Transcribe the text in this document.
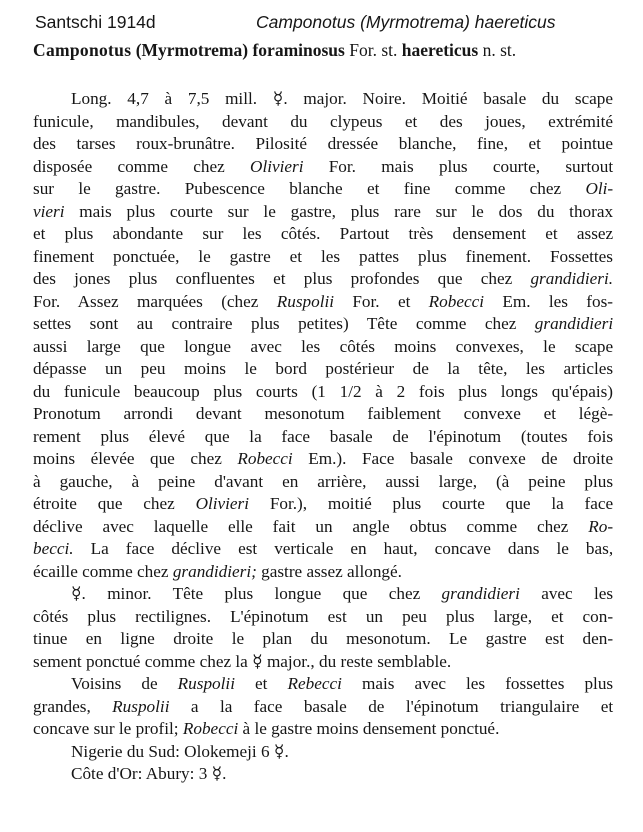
Santschi 1914d	Camponotus (Myrmotrema) haereticus
Camponotus (Myrmotrema) foraminosus For. st. haereticus n. st.
Long. 4,7 à 7,5 mill. ☿. major. Noire. Moitié basale du scape
funicule, mandibules, devant du clypeus et des joues, extrémité
des tarses roux-brunâtre. Pilosité dressée blanche, fine, et pointue
disposée comme chez Olivieri For. mais plus courte, surtout
sur le gastre. Pubescence blanche et fine comme chez Oli-
vieri mais plus courte sur le gastre, plus rare sur le dos du thorax
et plus abondante sur les côtés. Partout très densement et assez
finement ponctuée, le gastre et les pattes plus finement. Fossettes
des jones plus confluentes et plus profondes que chez grandidieri.
For. Assez marquées (chez Ruspolii For. et Robecci Em. les fos-
settes sont au contraire plus petites) Tête comme chez grandidieri
aussi large que longue avec les côtés moins convexes, le scape
dépasse un peu moins le bord postérieur de la tête, les articles
du funicule beaucoup plus courts (1 1/2 à 2 fois plus longs qu'épais)
Pronotum arrondi devant mesonotum faiblement convexe et légè-
rement plus élevé que la face basale de l'épinotum (toutes fois
moins élevée que chez Robecci Em.). Face basale convexe de droite
à gauche, à peine d'avant en arrière, aussi large, (à peine plus
étroite que chez Olivieri For.), moitié plus courte que la face
déclive avec laquelle elle fait un angle obtus comme chez Ro-
becci. La face déclive est verticale en haut, concave dans le bas,
écaille comme chez grandidieri; gastre assez allongé.
☿. minor. Tête plus longue que chez grandidieri avec les
côtés plus rectilignes. L'épinotum est un peu plus large, et con-
tinue en ligne droite le plan du mesonotum. Le gastre est den-
sement ponctué comme chez la ☿ major., du reste semblable.
Voisins de Ruspolii et Rebecci mais avec les fossettes plus
grandes, Ruspolii a la face basale de l'épinotum triangulaire et
concave sur le profil; Robecci à le gastre moins densement ponctué.
Nigerie du Sud: Olokemeji 6 ☿.
Côte d'Or: Abury: 3 ☿.
